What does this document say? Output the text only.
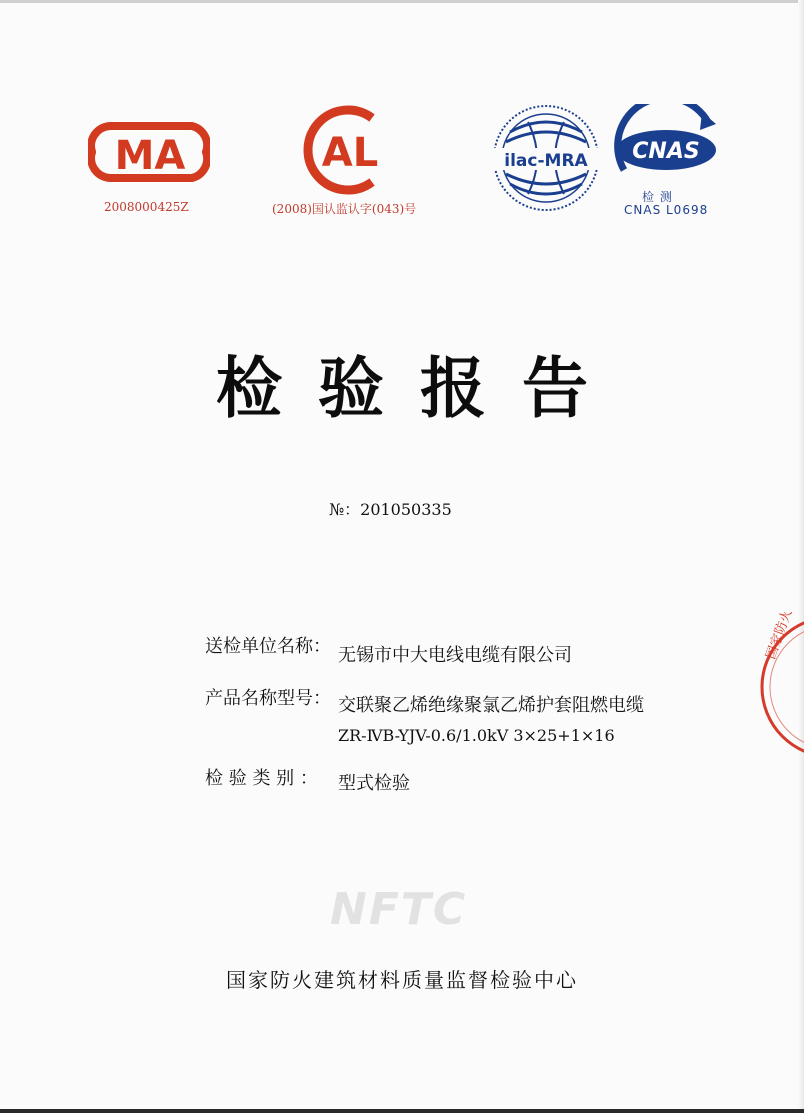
MA
2008000425Z
AL
(2008)国认监认字(043)号
ilac-MRA CNAS
检 测
CNAS L0698
检验报告
№：201050335
送检单位名称： 无锡市中大电线电缆有限公司
产品名称型号： 交联聚乙烯绝缘聚氯乙烯护套阻燃电缆
ZR-ⅣB-YJV-0.6/1.0kV 3×25+1×16
检 验 类 别 ： 型式检验
NFTC
国家防火建筑材料质量监督检验中心
国家防火
